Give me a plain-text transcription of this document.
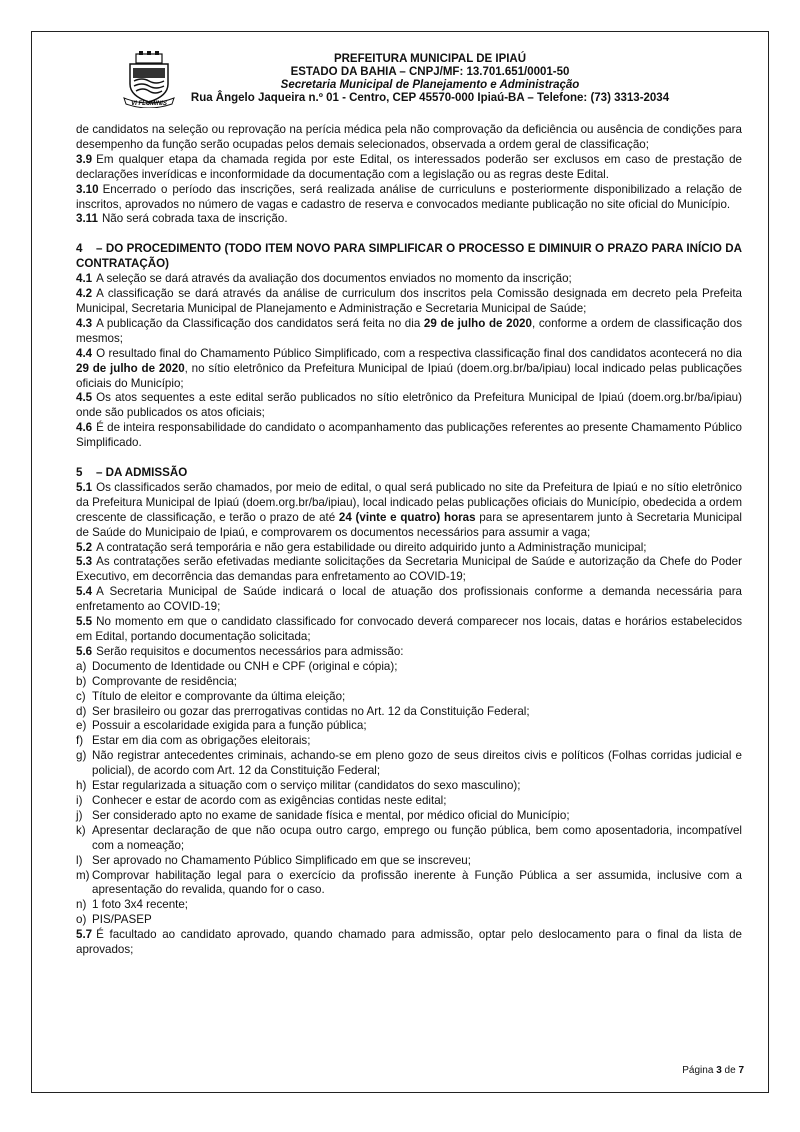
VI FLUMINIS
PREFEITURA MUNICIPAL DE IPIAÚ
ESTADO DA BAHIA – CNPJ/MF: 13.701.651/0001-50
Secretaria Municipal de Planejamento e Administração
Rua Ângelo Jaqueira n.º 01 - Centro, CEP 45570-000 Ipiaú-BA – Telefone: (73) 3313-2034

de candidatos na seleção ou reprovação na perícia médica pela não comprovação da deficiência ou ausência de condições para desempenho da função serão ocupadas pelos demais selecionados, observada a ordem geral de classificação;

3.9 Em qualquer etapa da chamada regida por este Edital, os interessados poderão ser exclusos em caso de prestação de declarações inverídicas e inconformidade da documentação com a legislação ou as regras deste Edital.

3.10 Encerrado o período das inscrições, será realizada análise de curriculuns e posteriormente disponibilizado a relação de inscritos, aprovados no número de vagas e cadastro de reserva e convocados mediante publicação no site oficial do Município.

3.11 Não será cobrada taxa de inscrição.

4 – DO PROCEDIMENTO (TODO ITEM NOVO PARA SIMPLIFICAR O PROCESSO E DIMINUIR O PRAZO PARA INÍCIO DA CONTRATAÇÃO)

4.1 A seleção se dará através da avaliação dos documentos enviados no momento da inscrição;

4.2 A classificação se dará através da análise de curriculum dos inscritos pela Comissão designada em decreto pela Prefeita Municipal, Secretaria Municipal de Planejamento e Administração e Secretaria Municipal de Saúde;

4.3 A publicação da Classificação dos candidatos será feita no dia 29 de julho de 2020, conforme a ordem de classificação dos mesmos;

4.4 O resultado final do Chamamento Público Simplificado, com a respectiva classificação final dos candidatos acontecerá no dia 29 de julho de 2020, no sítio eletrônico da Prefeitura Municipal de Ipiaú (doem.org.br/ba/ipiau) local indicado pelas publicações oficiais do Município;

4.5 Os atos sequentes a este edital serão publicados no sítio eletrônico da Prefeitura Municipal de Ipiaú (doem.org.br/ba/ipiau) onde são publicados os atos oficiais;

4.6 É de inteira responsabilidade do candidato o acompanhamento das publicações referentes ao presente Chamamento Público Simplificado.

5 – DA ADMISSÃO

5.1 Os classificados serão chamados, por meio de edital, o qual será publicado no site da Prefeitura de Ipiaú e no sítio eletrônico da Prefeitura Municipal de Ipiaú (doem.org.br/ba/ipiau), local indicado pelas publicações oficiais do Município, obedecida a ordem crescente de classificação, e terão o prazo de até 24 (vinte e quatro) horas para se apresentarem junto à Secretaria Municipal de Saúde do Municipaio de Ipiaú, e comprovarem os documentos necessários para assumir a vaga;

5.2 A contratação será temporária e não gera estabilidade ou direito adquirido junto a Administração municipal;

5.3 As contratações serão efetivadas mediante solicitações da Secretaria Municipal de Saúde e autorização da Chefe do Poder Executivo, em decorrência das demandas para enfretamento ao COVID-19;

5.4 A Secretaria Municipal de Saúde indicará o local de atuação dos profissionais conforme a demanda necessária para enfretamento ao COVID-19;

5.5 No momento em que o candidato classificado for convocado deverá comparecer nos locais, datas e horários estabelecidos em Edital, portando documentação solicitada;

5.6 Serão requisitos e documentos necessários para admissão:

a) Documento de Identidade ou CNH e CPF (original e cópia);

b) Comprovante de residência;

c) Título de eleitor e comprovante da última eleição;

d) Ser brasileiro ou gozar das prerrogativas contidas no Art. 12 da Constituição Federal;

e) Possuir a escolaridade exigida para a função pública;

f) Estar em dia com as obrigações eleitorais;

g) Não registrar antecedentes criminais, achando-se em pleno gozo de seus direitos civis e políticos (Folhas corridas judicial e policial), de acordo com Art. 12 da Constituição Federal;

h) Estar regularizada a situação com o serviço militar (candidatos do sexo masculino);

i) Conhecer e estar de acordo com as exigências contidas neste edital;

j) Ser considerado apto no exame de sanidade física e mental, por médico oficial do Município;

k) Apresentar declaração de que não ocupa outro cargo, emprego ou função pública, bem como aposentadoria, incompatível com a nomeação;

l) Ser aprovado no Chamamento Público Simplificado em que se inscreveu;

m) Comprovar habilitação legal para o exercício da profissão inerente à Função Pública a ser assumida, inclusive com a apresentação do revalida, quando for o caso.

n) 1 foto 3x4 recente;

o) PIS/PASEP

5.7 É facultado ao candidato aprovado, quando chamado para admissão, optar pelo deslocamento para o final da lista de aprovados;

Página 3 de 7
